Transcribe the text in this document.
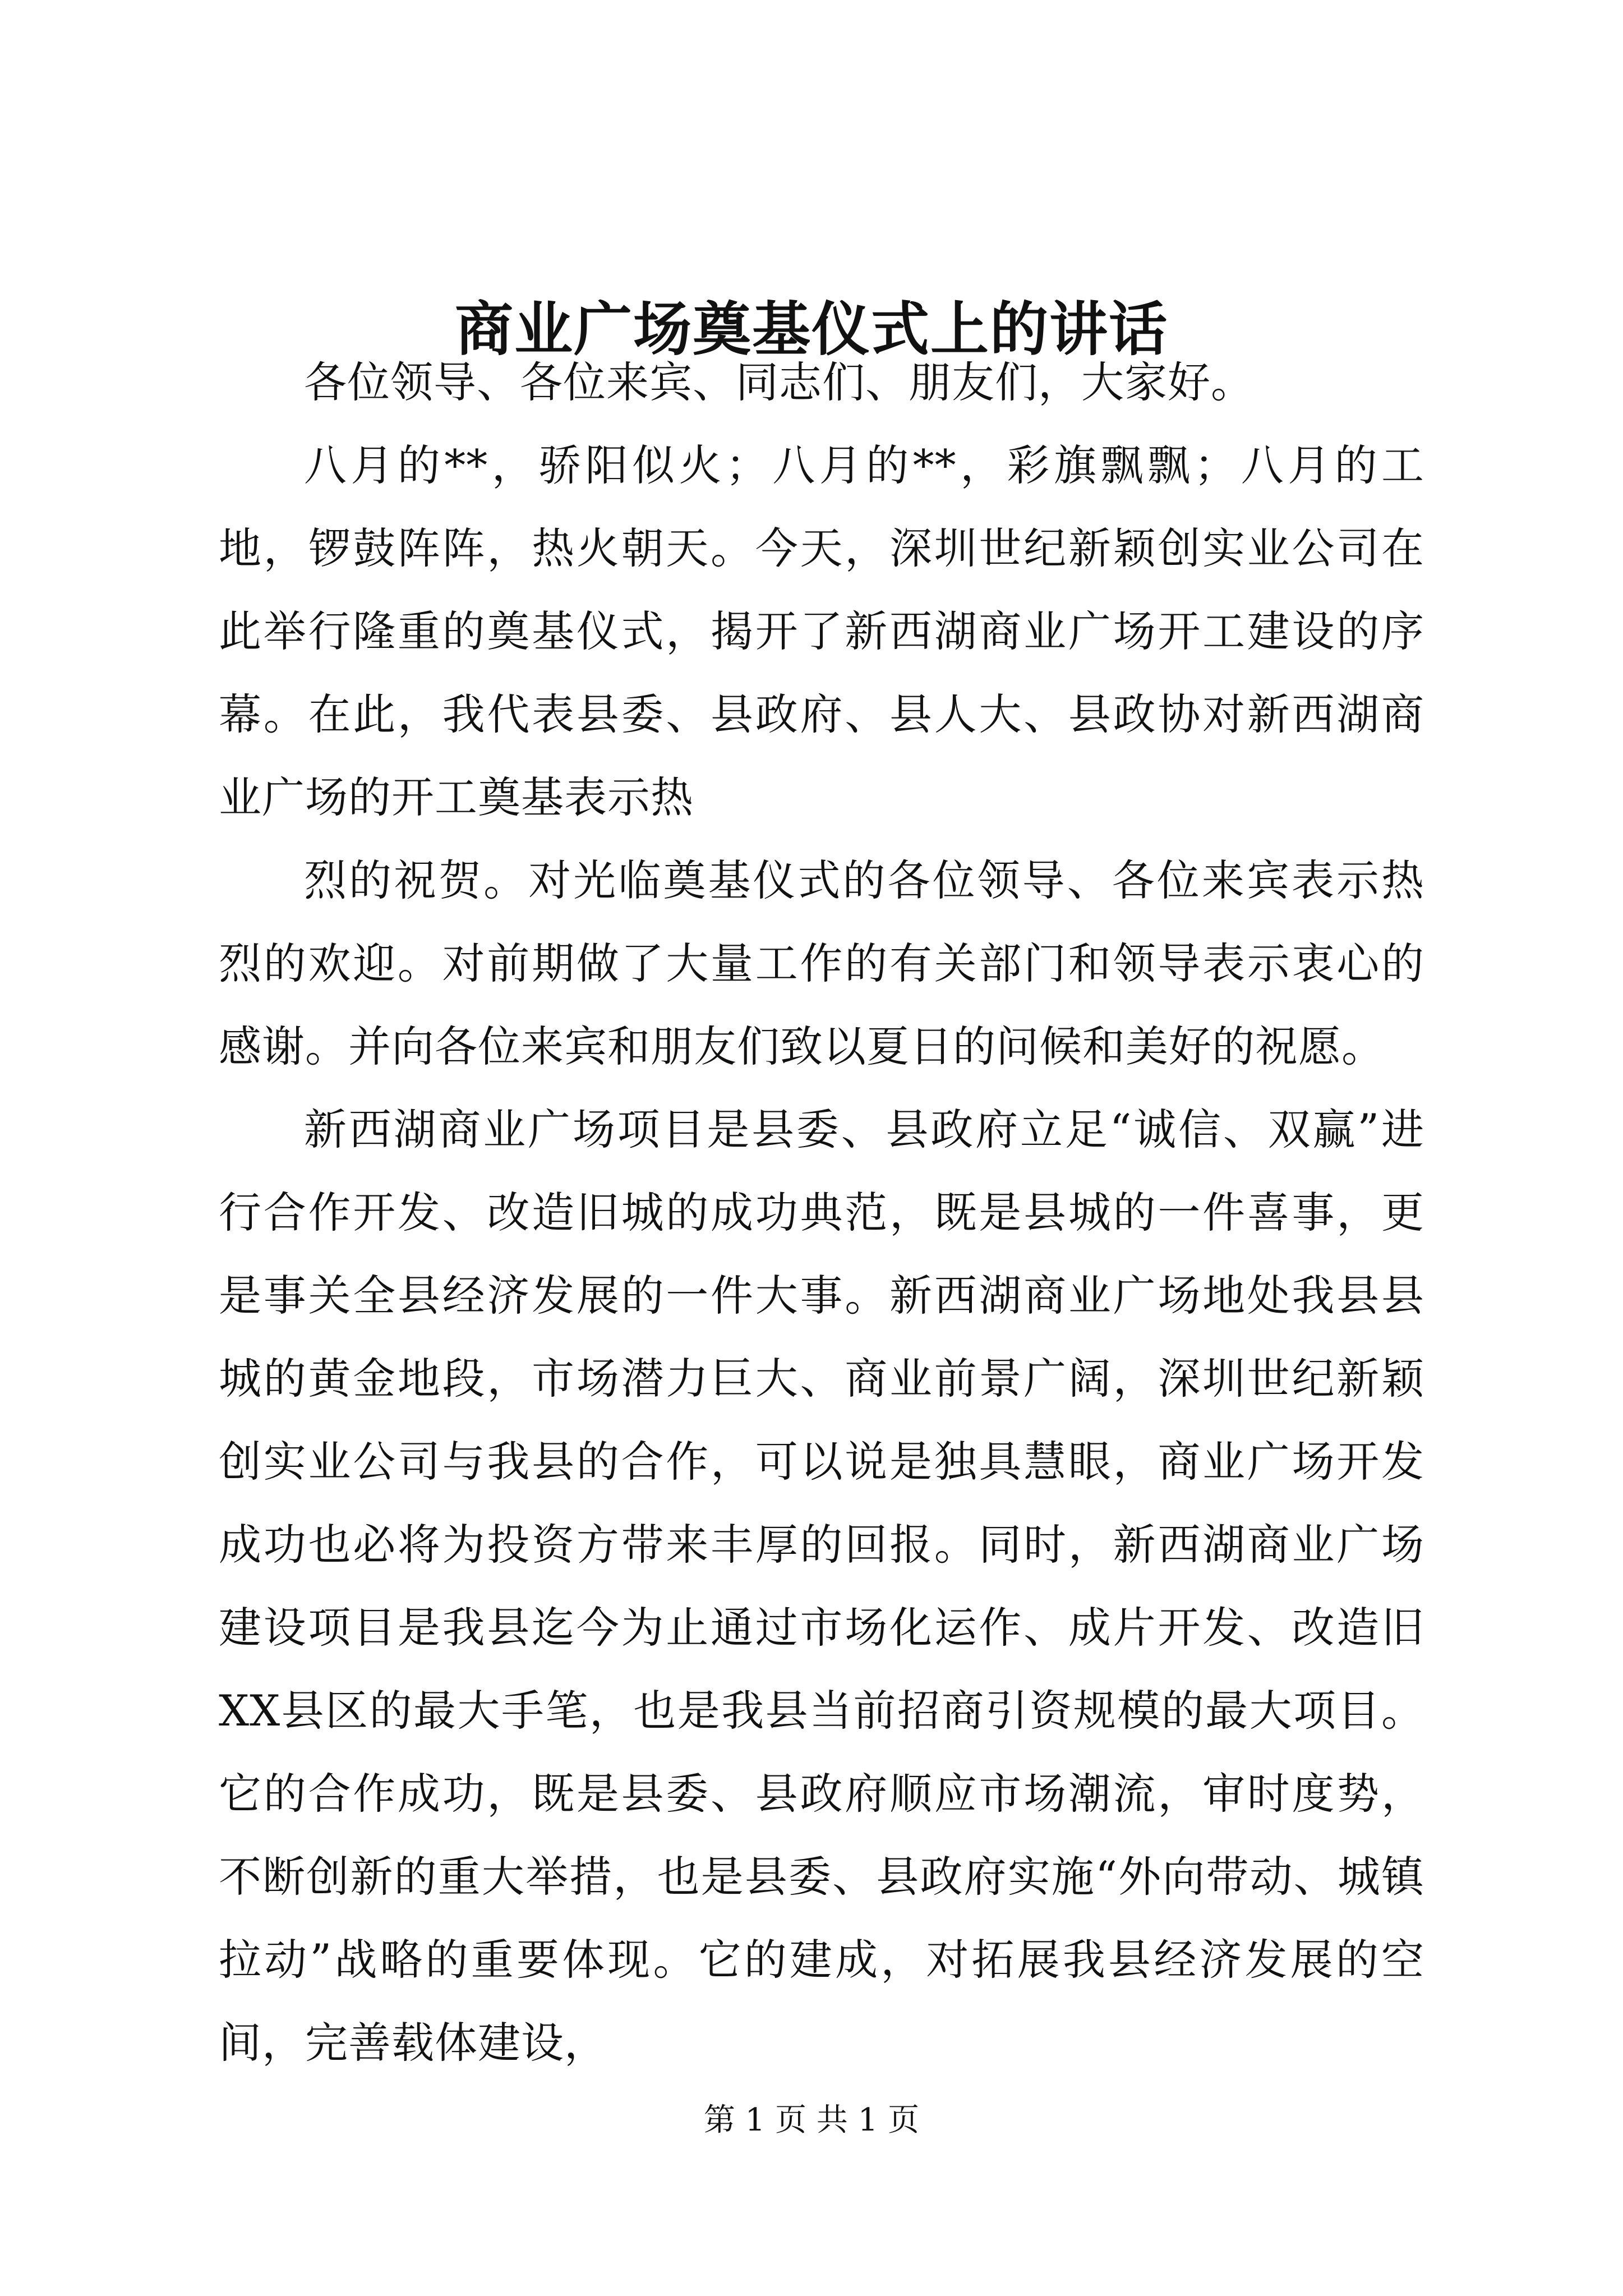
商业广场奠基仪式上的讲话

各位领导、各位来宾、同志们、朋友们，大家好。

八月的**，骄阳似火；八月的**，彩旗飘飘；八月的工地，锣鼓阵阵，热火朝天。今天，深圳世纪新颖创实业公司在此举行隆重的奠基仪式，揭开了新西湖商业广场开工建设的序幕。在此，我代表县委、县政府、县人大、县政协对新西湖商业广场的开工奠基表示热

烈的祝贺。对光临奠基仪式的各位领导、各位来宾表示热烈的欢迎。对前期做了大量工作的有关部门和领导表示衷心的感谢。并向各位来宾和朋友们致以夏日的问候和美好的祝愿。

新西湖商业广场项目是县委、县政府立足“诚信、双赢”进行合作开发、改造旧城的成功典范，既是县城的一件喜事，更是事关全县经济发展的一件大事。新西湖商业广场地处我县县城的黄金地段，市场潜力巨大、商业前景广阔，深圳世纪新颖创实业公司与我县的合作，可以说是独具慧眼，商业广场开发成功也必将为投资方带来丰厚的回报。同时，新西湖商业广场建设项目是我县迄今为止通过市场化运作、成片开发、改造旧XX县区的最大手笔，也是我县当前招商引资规模的最大项目。它的合作成功，既是县委、县政府顺应市场潮流，审时度势，不断创新的重大举措，也是县委、县政府实施“外向带动、城镇拉动”战略的重要体现。它的建成，对拓展我县经济发展的空间，完善载体建设，

第 1 页 共 1 页
